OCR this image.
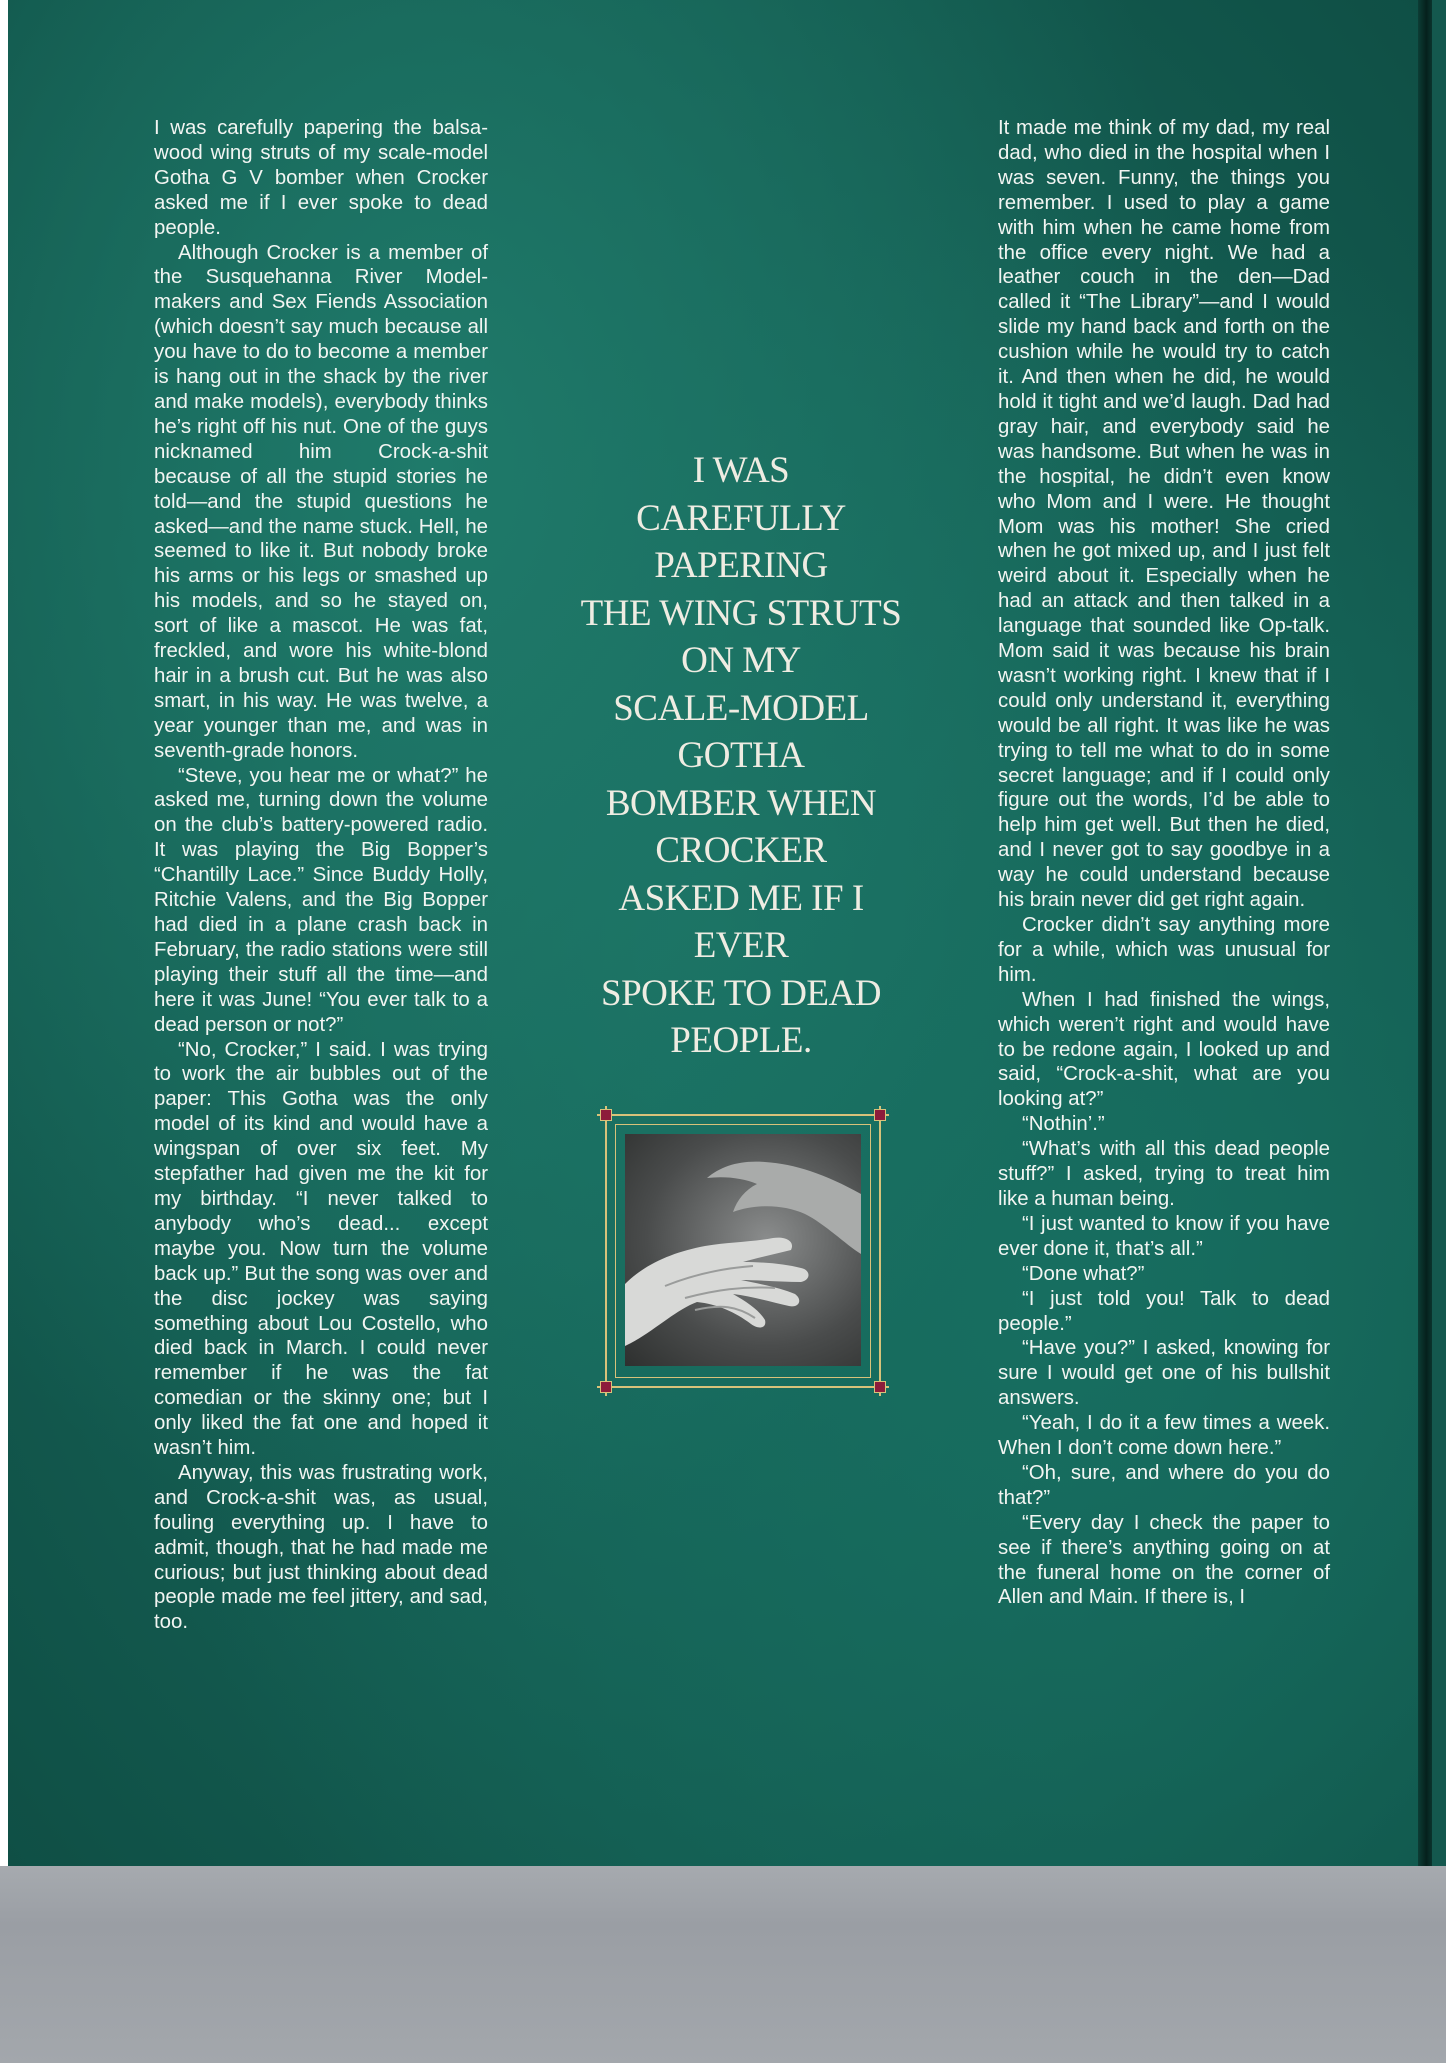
I was carefully papering the balsa-wood wing struts of my scale-model Gotha G V bomber when Crocker asked me if I ever spoke to dead people.

Although Crocker is a member of the Susquehanna River Model-makers and Sex Fiends Association (which doesn’t say much because all you have to do to become a member is hang out in the shack by the river and make models), everybody thinks he’s right off his nut. One of the guys nicknamed him Crock-a-shit because of all the stupid stories he told—and the stupid questions he asked—and the name stuck. Hell, he seemed to like it. But nobody broke his arms or his legs or smashed up his models, and so he stayed on, sort of like a mascot. He was fat, freckled, and wore his white-blond hair in a brush cut. But he was also smart, in his way. He was twelve, a year younger than me, and was in seventh-grade honors.

“Steve, you hear me or what?” he asked me, turning down the volume on the club’s battery-powered radio. It was playing the Big Bopper’s “Chantilly Lace.” Since Buddy Holly, Ritchie Valens, and the Big Bopper had died in a plane crash back in February, the radio stations were still playing their stuff all the time—and here it was June! “You ever talk to a dead person or not?”

“No, Crocker,” I said. I was trying to work the air bubbles out of the paper: This Gotha was the only model of its kind and would have a wingspan of over six feet. My stepfather had given me the kit for my birthday. “I never talked to anybody who’s dead... except maybe you. Now turn the volume back up.” But the song was over and the disc jockey was saying something about Lou Costello, who died back in March. I could never remember if he was the fat comedian or the skinny one; but I only liked the fat one and hoped it wasn’t him.

Anyway, this was frustrating work, and Crock-a-shit was, as usual, fouling everything up. I have to admit, though, that he had made me curious; but just thinking about dead people made me feel jittery, and sad, too.

I WAS
CAREFULLY
PAPERING
THE WING STRUTS
ON MY
SCALE-MODEL
GOTHA
BOMBER WHEN
CROCKER
ASKED ME IF I
EVER
SPOKE TO DEAD
PEOPLE.

It made me think of my dad, my real dad, who died in the hospital when I was seven. Funny, the things you remember. I used to play a game with him when he came home from the office every night. We had a leather couch in the den—Dad called it “The Library”—and I would slide my hand back and forth on the cushion while he would try to catch it. And then when he did, he would hold it tight and we’d laugh. Dad had gray hair, and everybody said he was handsome. But when he was in the hospital, he didn’t even know who Mom and I were. He thought Mom was his mother! She cried when he got mixed up, and I just felt weird about it. Especially when he had an attack and then talked in a language that sounded like Op-talk. Mom said it was because his brain wasn’t working right. I knew that if I could only understand it, everything would be all right. It was like he was trying to tell me what to do in some secret language; and if I could only figure out the words, I’d be able to help him get well. But then he died, and I never got to say goodbye in a way he could understand because his brain never did get right again.

Crocker didn’t say anything more for a while, which was unusual for him.

When I had finished the wings, which weren’t right and would have to be redone again, I looked up and said, “Crock-a-shit, what are you looking at?”

“Nothin’.”

“What’s with all this dead people stuff?” I asked, trying to treat him like a human being.

“I just wanted to know if you have ever done it, that’s all.”

“Done what?”

“I just told you! Talk to dead people.”

“Have you?” I asked, knowing for sure I would get one of his bullshit answers.

“Yeah, I do it a few times a week. When I don’t come down here.”

“Oh, sure, and where do you do that?”

“Every day I check the paper to see if there’s anything going on at the funeral home on the corner of Allen and Main. If there is, I
